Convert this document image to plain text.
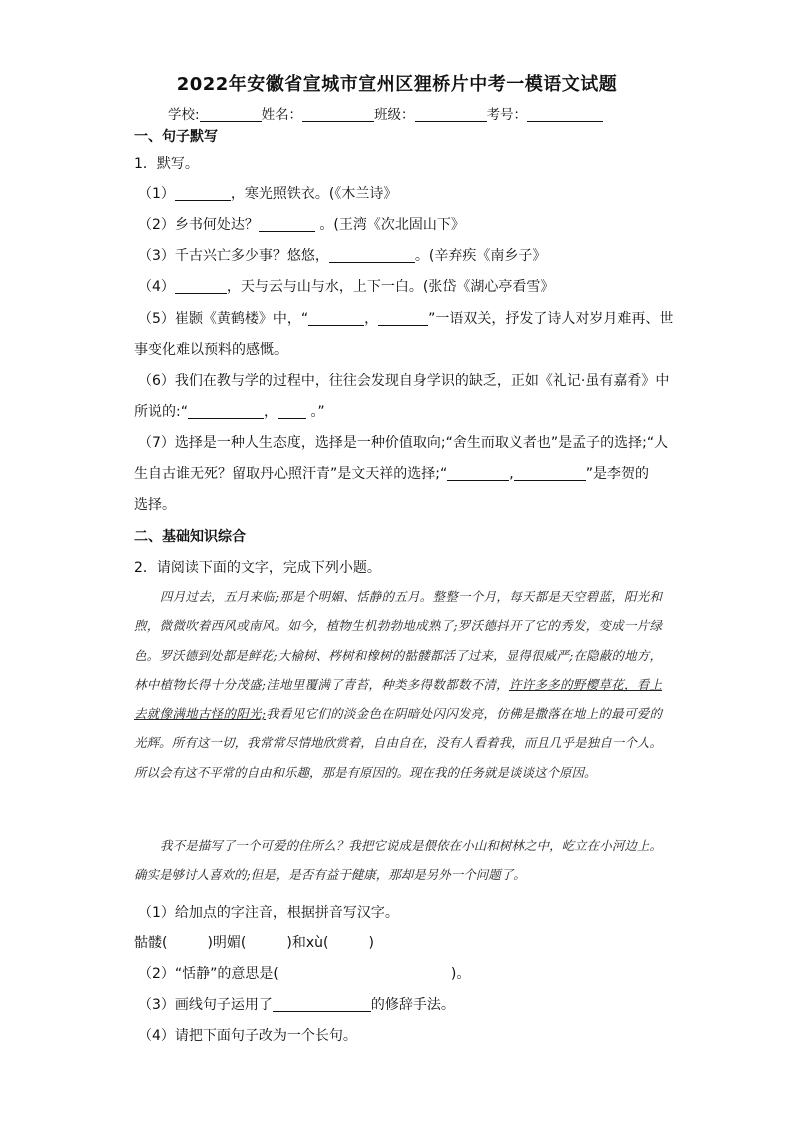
2022年安徽省宣城市宣州区狸桥片中考一模语文试题
学校:	姓名：	班级：	考号：
一、句子默写
1．默写。
（1）	，寒光照铁衣。(《木兰诗》
（2）乡书何处达？	。(王湾《次北固山下》
（3）千古兴亡多少事？悠悠，	。(辛弃疾《南乡子》
（4）	，天与云与山与水，上下一白。(张岱《湖心亭看雪》
（5）崔颢《黄鹤楼》中，“	，	”一语双关，抒发了诗人对岁月难再、世
事变化难以预料的感慨。
（6）我们在教与学的过程中，往往会发现自身学识的缺乏，正如《礼记·虽有嘉肴》中
所说的:“	， 。”
（7）选择是一种人生态度，选择是一种价值取向;“舍生而取义者也”是孟子的选择;“人
生自古谁无死？留取丹心照汗青”是文天祥的选择;“	,	”是李贺的
选择。
二、基础知识综合
2．请阅读下面的文字，完成下列小题。
四月过去，五月来临;那是个明媚、恬静的五月。整整一个月，每天都是天空碧蓝，阳光和煦，微微吹着西风或南风。如今，植物生机勃勃地成熟了;罗沃德抖开了它的秀发，变成一片绿色。罗沃德到处都是鲜花;大榆树、梣树和橡树的骷髅都活了过来，显得很威严;在隐蔽的地方，林中植物长得十分茂盛;洼地里覆满了青苔，种类多得数都数不清，许许多多的野樱草花，看上去就像满地古怪的阳光;我看见它们的淡金色在阴暗处闪闪发亮，仿佛是撒落在地上的最可爱的光辉。所有这一切，我常常尽情地欣赏着，自由自在，没有人看着我，而且几乎是独自一个人。所以会有这不平常的自由和乐趣，那是有原因的。现在我的任务就是谈谈这个原因。
我不是描写了一个可爱的住所么？我把它说成是偎依在小山和树林之中，屹立在小河边上。确实是够讨人喜欢的;但是，是否有益于健康，那却是另外一个问题了。
（1）给加点的字注音，根据拼音写汉字。
骷髅(	)明媚(	)和xù(	)
（2）“恬静”的意思是(	)。
（3）画线句子运用了	的修辞手法。
（4）请把下面句子改为一个长句。
